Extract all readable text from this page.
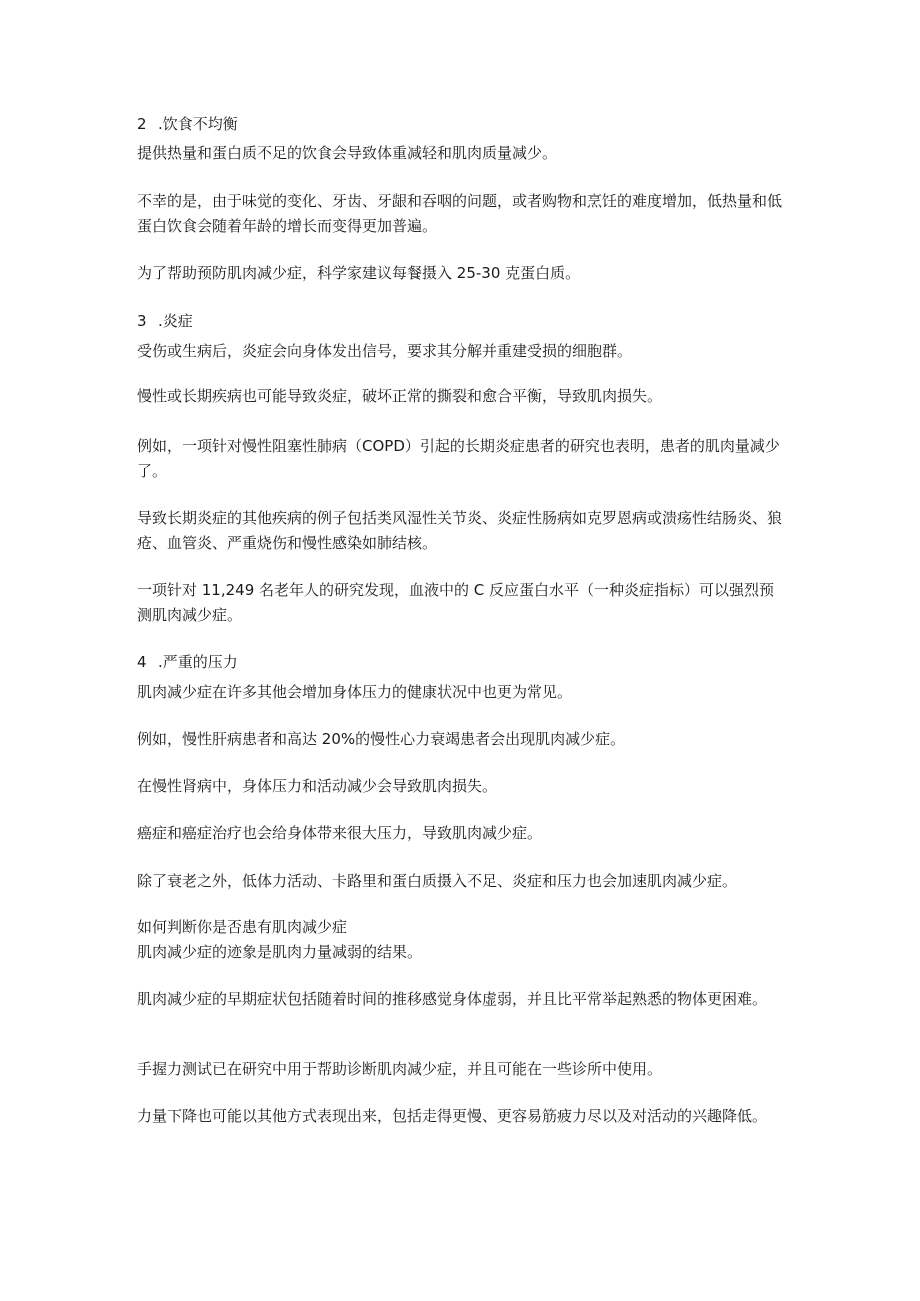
2 .饮食不均衡

提供热量和蛋白质不足的饮食会导致体重减轻和肌肉质量减少。

不幸的是，由于味觉的变化、牙齿、牙龈和吞咽的问题，或者购物和烹饪的难度增加，低热量和低蛋白饮食会随着年龄的增长而变得更加普遍。

为了帮助预防肌肉减少症，科学家建议每餐摄入 25-30 克蛋白质。

3 .炎症

受伤或生病后，炎症会向身体发出信号，要求其分解并重建受损的细胞群。

慢性或长期疾病也可能导致炎症，破坏正常的撕裂和愈合平衡，导致肌肉损失。

例如，一项针对慢性阻塞性肺病（COPD）引起的长期炎症患者的研究也表明，患者的肌肉量减少了。

导致长期炎症的其他疾病的例子包括类风湿性关节炎、炎症性肠病如克罗恩病或溃疡性结肠炎、狼疮、血管炎、严重烧伤和慢性感染如肺结核。

一项针对 11,249 名老年人的研究发现，血液中的 C 反应蛋白水平（一种炎症指标）可以强烈预测肌肉减少症。

4 .严重的压力

肌肉减少症在许多其他会增加身体压力的健康状况中也更为常见。

例如，慢性肝病患者和高达 20%的慢性心力衰竭患者会出现肌肉减少症。

在慢性肾病中，身体压力和活动减少会导致肌肉损失。

癌症和癌症治疗也会给身体带来很大压力，导致肌肉减少症。

除了衰老之外，低体力活动、卡路里和蛋白质摄入不足、炎症和压力也会加速肌肉减少症。

如何判断你是否患有肌肉减少症

肌肉减少症的迹象是肌肉力量减弱的结果。

肌肉减少症的早期症状包括随着时间的推移感觉身体虚弱，并且比平常举起熟悉的物体更困难。

手握力测试已在研究中用于帮助诊断肌肉减少症，并且可能在一些诊所中使用。

力量下降也可能以其他方式表现出来，包括走得更慢、更容易筋疲力尽以及对活动的兴趣降低。
